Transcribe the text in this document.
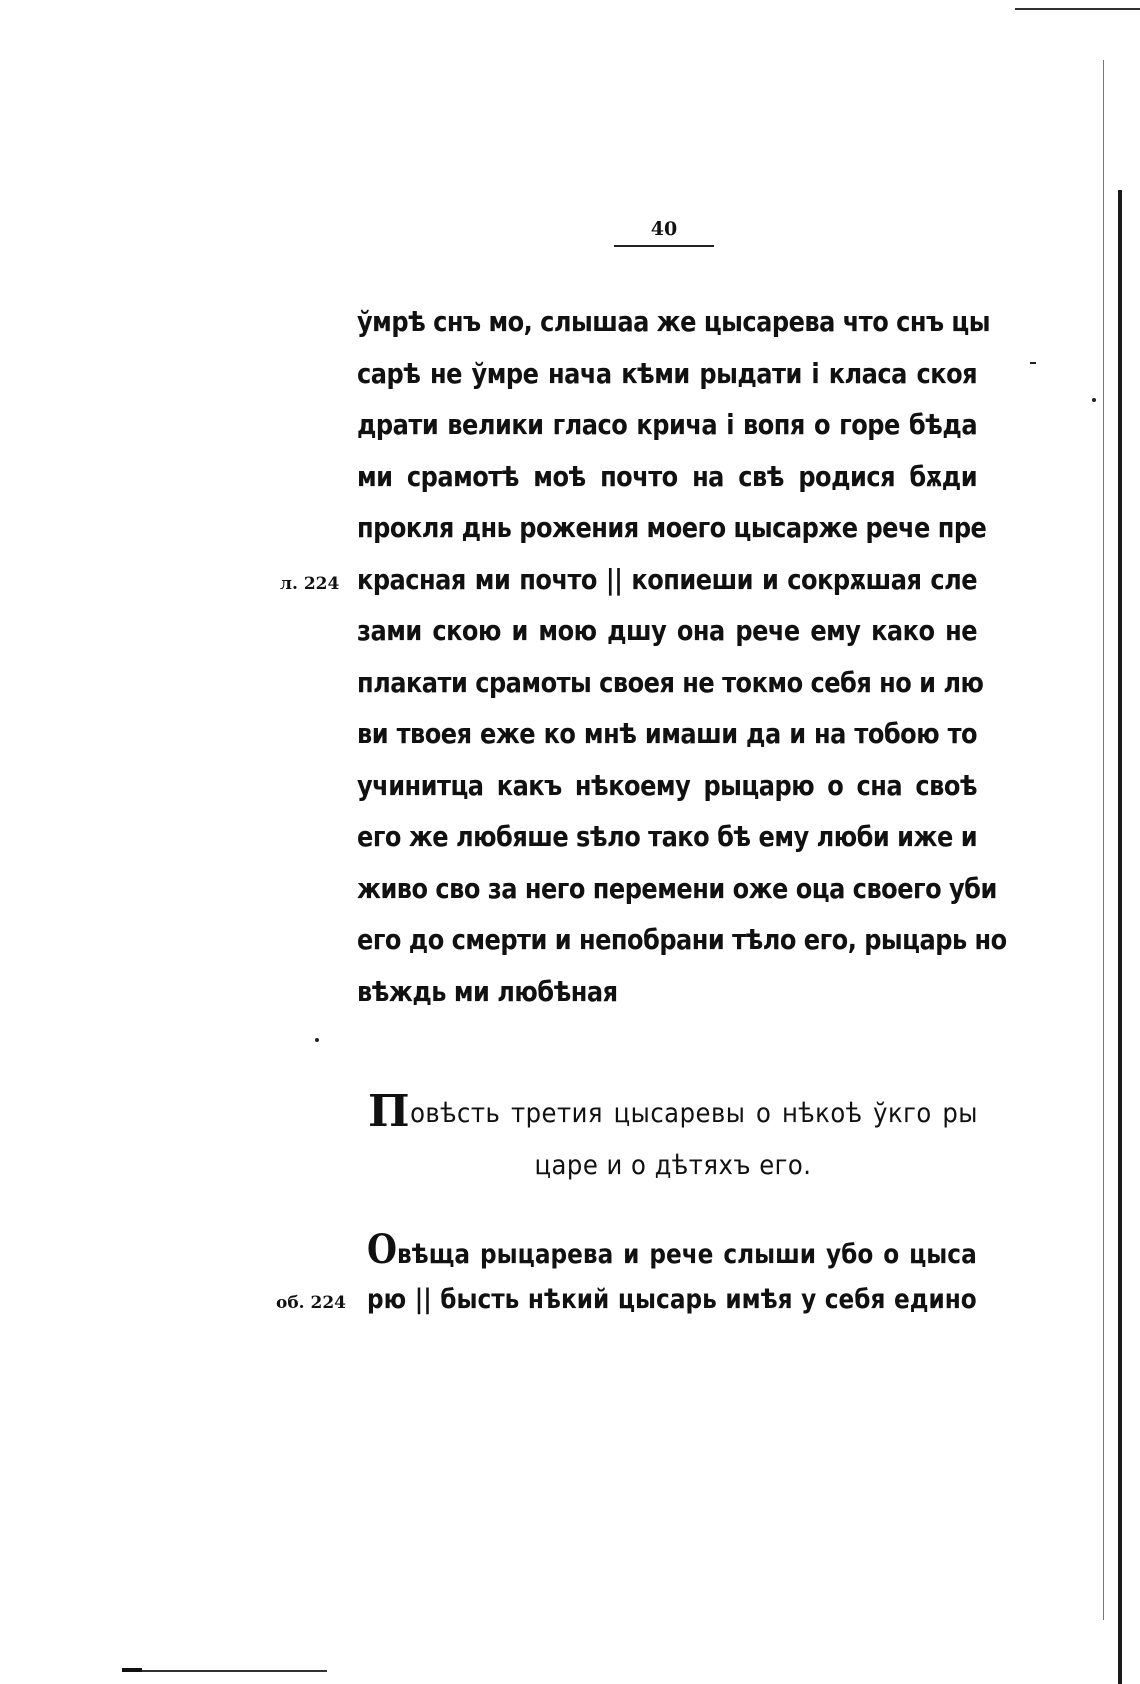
40
л. 224
ўмрѣ снъ мо, слышаа же цысарева что снъ цы
сарѣ не ўмре нача кѣми рыдати і класа скоя
драти велики гласо крича і вопя о горе бѣда
ми срамотѣ моѣ почто на свѣ родися бѫди
прокля днь рожения моего цысарже рече пре
красная ми почто || копиеши и сокрѫшая сле
зами скою и мою дшу она рече ему како не
плакати срамоты своея не токмо себя но и лю
ви твоея еже ко мнѣ имаши да и на тобою то
учинитца какъ нѣкоему рыцарю о сна своѣ
его же любяше ѕѣло тако бѣ ему люби иже и
живо сво за него перемени оже оца своего уби
его до смерти и непобрани тѣло его, рыцарь но
вѣждь ми любѣная
Повѣсть третия цысаревы о нѣкоѣ ўкго ры
царе и о дѣтяхъ его.
об. 224
Овѣща рыцарева и рече слыши убо о цыса
рю || бысть нѣкий цысарь имѣя у себя едино
